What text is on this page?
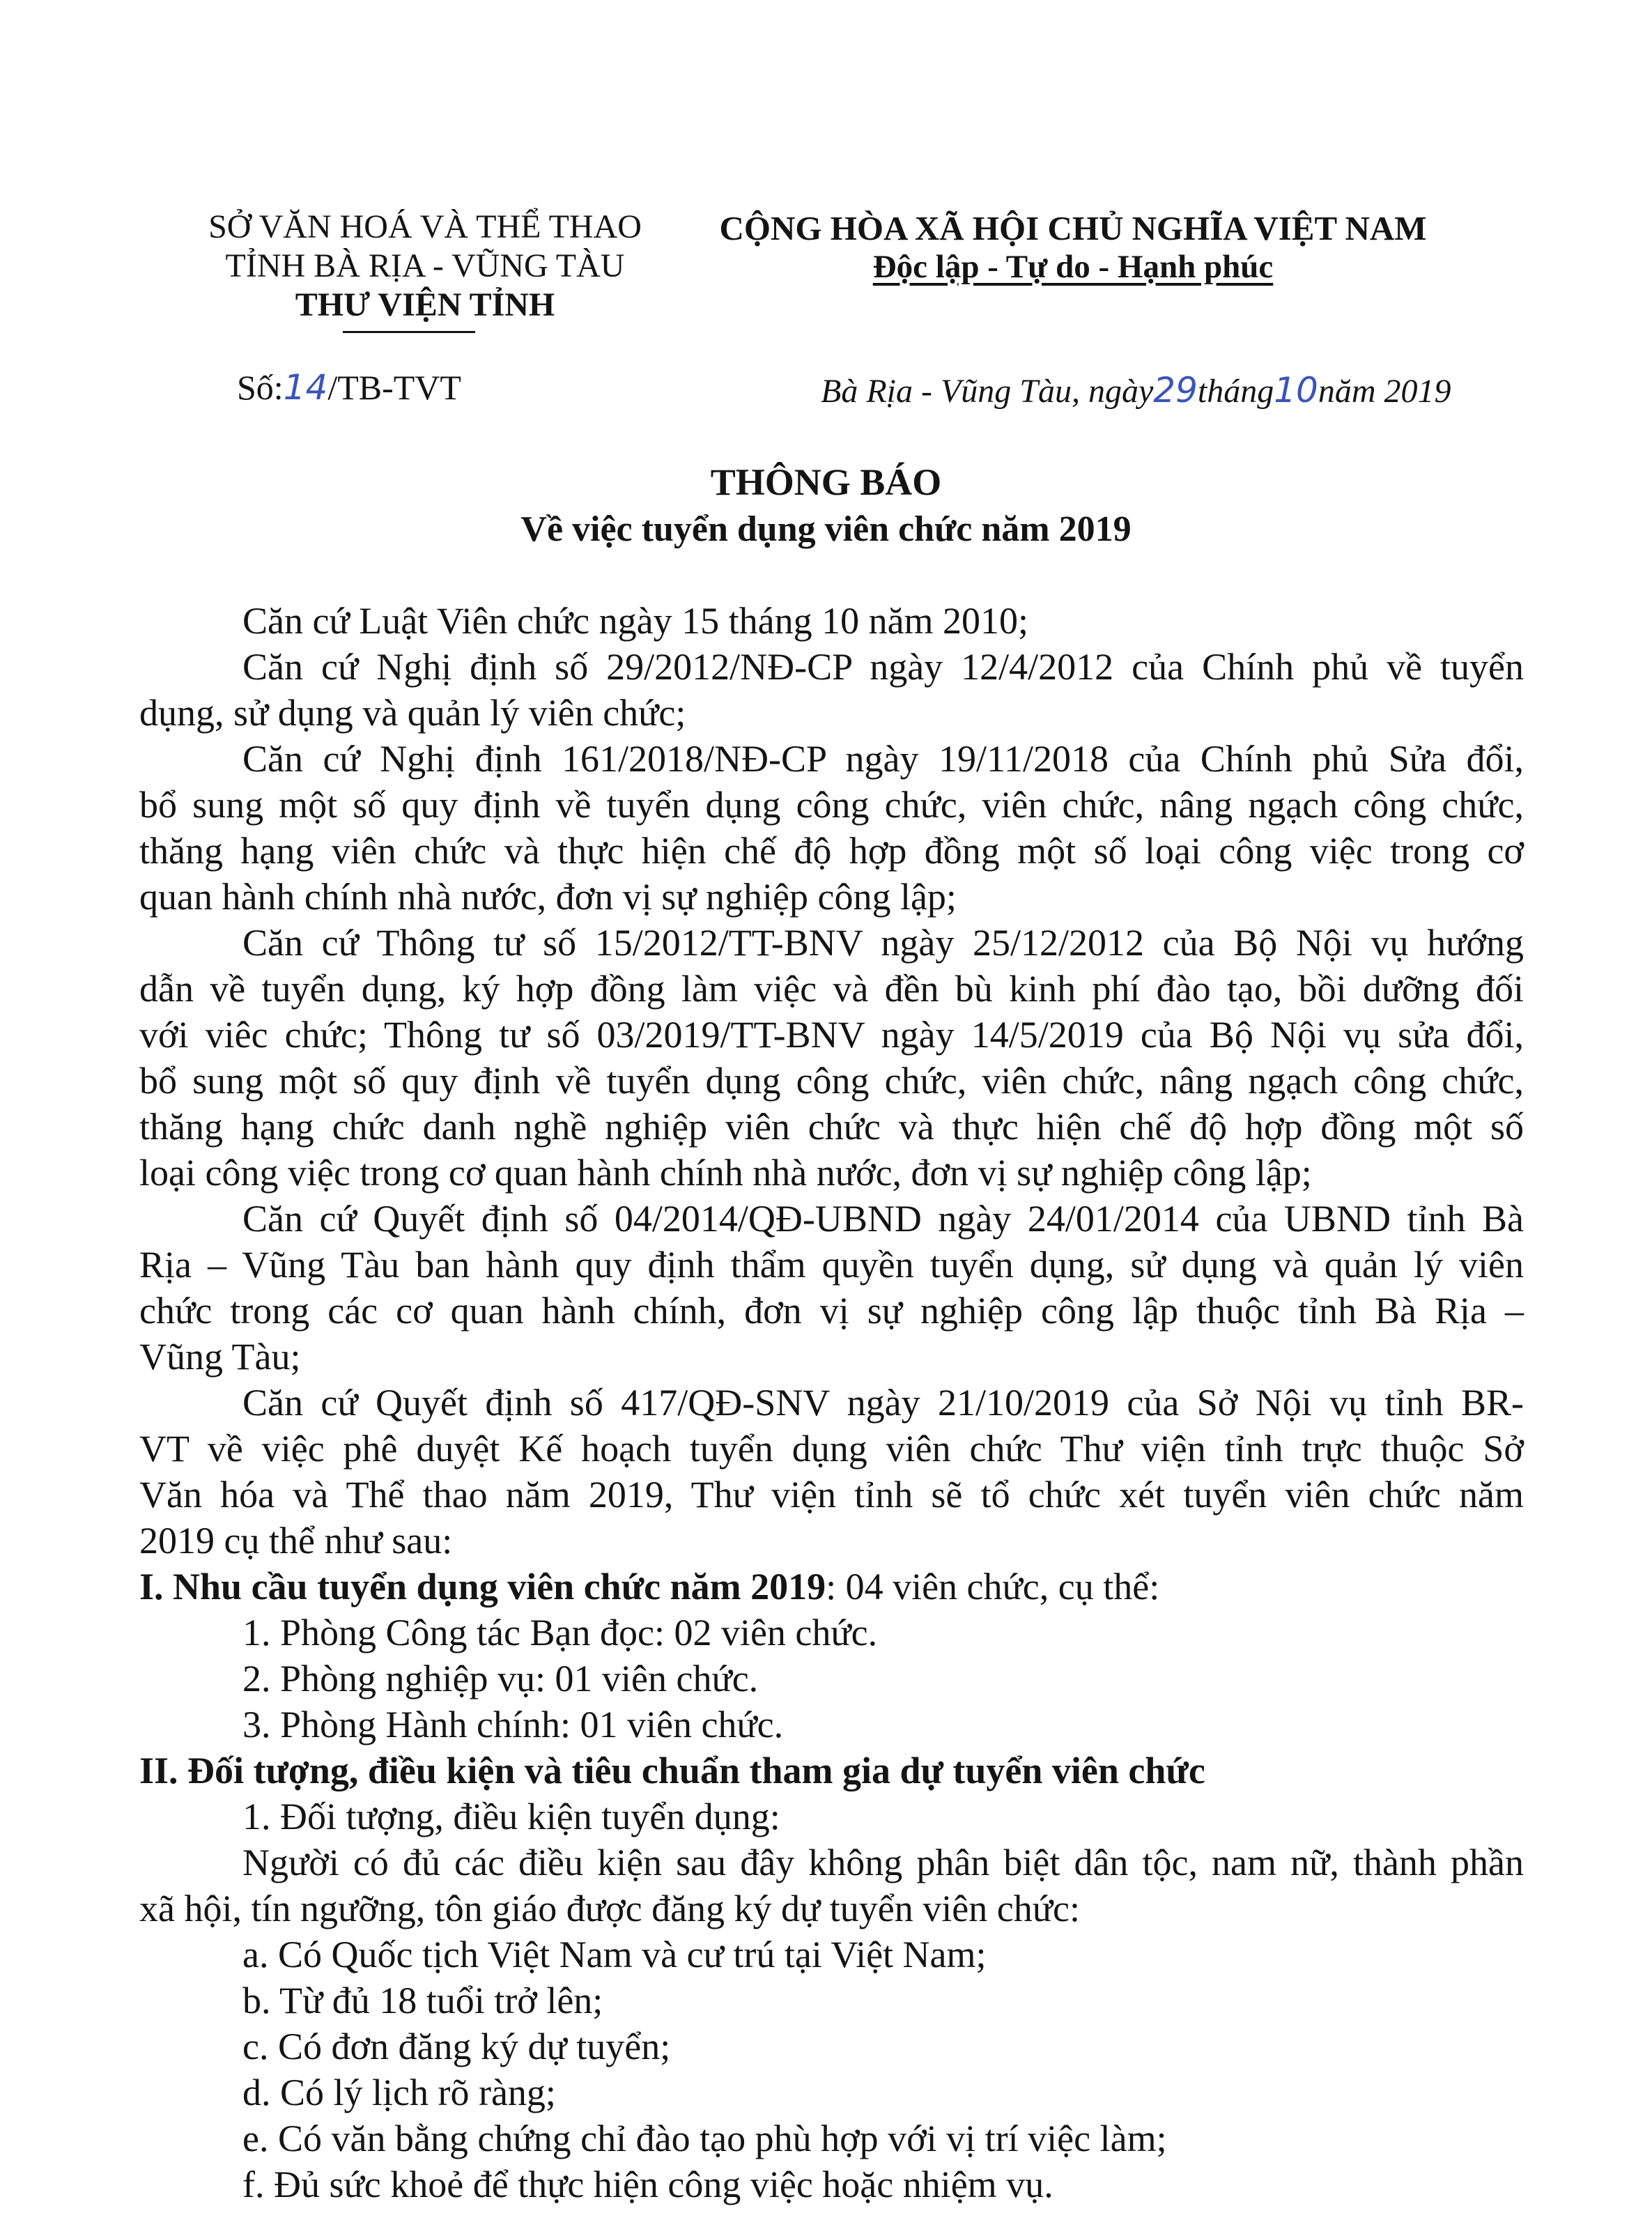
SỞ VĂN HOÁ VÀ THỂ THAO
TỈNH BÀ RỊA - VŨNG TÀU
THƯ VIỆN TỈNH
Số:14/TB-TVT
CỘNG HÒA XÃ HỘI CHỦ NGHĨA VIỆT NAM
Độc lập - Tự do - Hạnh phúc
Bà Rịa - Vũng Tàu, ngày29tháng10năm 2019
THÔNG BÁO
Về việc tuyển dụng viên chức năm 2019
Căn cứ Luật Viên chức ngày 15 tháng 10 năm 2010;
Căn cứ Nghị định số 29/2012/NĐ-CP ngày 12/4/2012 của Chính phủ về tuyển
dụng, sử dụng và quản lý viên chức;
Căn cứ Nghị định 161/2018/NĐ-CP ngày 19/11/2018 của Chính phủ Sửa đổi,
bổ sung một số quy định về tuyển dụng công chức, viên chức, nâng ngạch công chức,
thăng hạng viên chức và thực hiện chế độ hợp đồng một số loại công việc trong cơ
quan hành chính nhà nước, đơn vị sự nghiệp công lập;
Căn cứ Thông tư số 15/2012/TT-BNV ngày 25/12/2012 của Bộ Nội vụ hướng
dẫn về tuyển dụng, ký hợp đồng làm việc và đền bù kinh phí đào tạo, bồi dưỡng đối
với viêc chức; Thông tư số 03/2019/TT-BNV ngày 14/5/2019 của Bộ Nội vụ sửa đổi,
bổ sung một số quy định về tuyển dụng công chức, viên chức, nâng ngạch công chức,
thăng hạng chức danh nghề nghiệp viên chức và thực hiện chế độ hợp đồng một số
loại công việc trong cơ quan hành chính nhà nước, đơn vị sự nghiệp công lập;
Căn cứ Quyết định số 04/2014/QĐ-UBND ngày 24/01/2014 của UBND tỉnh Bà
Rịa – Vũng Tàu ban hành quy định thẩm quyền tuyển dụng, sử dụng và quản lý viên
chức trong các cơ quan hành chính, đơn vị sự nghiệp công lập thuộc tỉnh Bà Rịa –
Vũng Tàu;
Căn cứ Quyết định số 417/QĐ-SNV ngày 21/10/2019 của Sở Nội vụ tỉnh BR-
VT về việc phê duyệt Kế hoạch tuyển dụng viên chức Thư viện tỉnh trực thuộc Sở
Văn hóa và Thể thao năm 2019, Thư viện tỉnh sẽ tổ chức xét tuyển viên chức năm
2019 cụ thể như sau:
I. Nhu cầu tuyển dụng viên chức năm 2019: 04 viên chức, cụ thể:
1. Phòng Công tác Bạn đọc: 02 viên chức.
2. Phòng nghiệp vụ: 01 viên chức.
3. Phòng Hành chính: 01 viên chức.
II. Đối tượng, điều kiện và tiêu chuẩn tham gia dự tuyển viên chức
1. Đối tượng, điều kiện tuyển dụng:
Người có đủ các điều kiện sau đây không phân biệt dân tộc, nam nữ, thành phần
xã hội, tín ngưỡng, tôn giáo được đăng ký dự tuyển viên chức:
a. Có Quốc tịch Việt Nam và cư trú tại Việt Nam;
b. Từ đủ 18 tuổi trở lên;
c. Có đơn đăng ký dự tuyển;
d. Có lý lịch rõ ràng;
e. Có văn bằng chứng chỉ đào tạo phù hợp với vị trí việc làm;
f. Đủ sức khoẻ để thực hiện công việc hoặc nhiệm vụ.
